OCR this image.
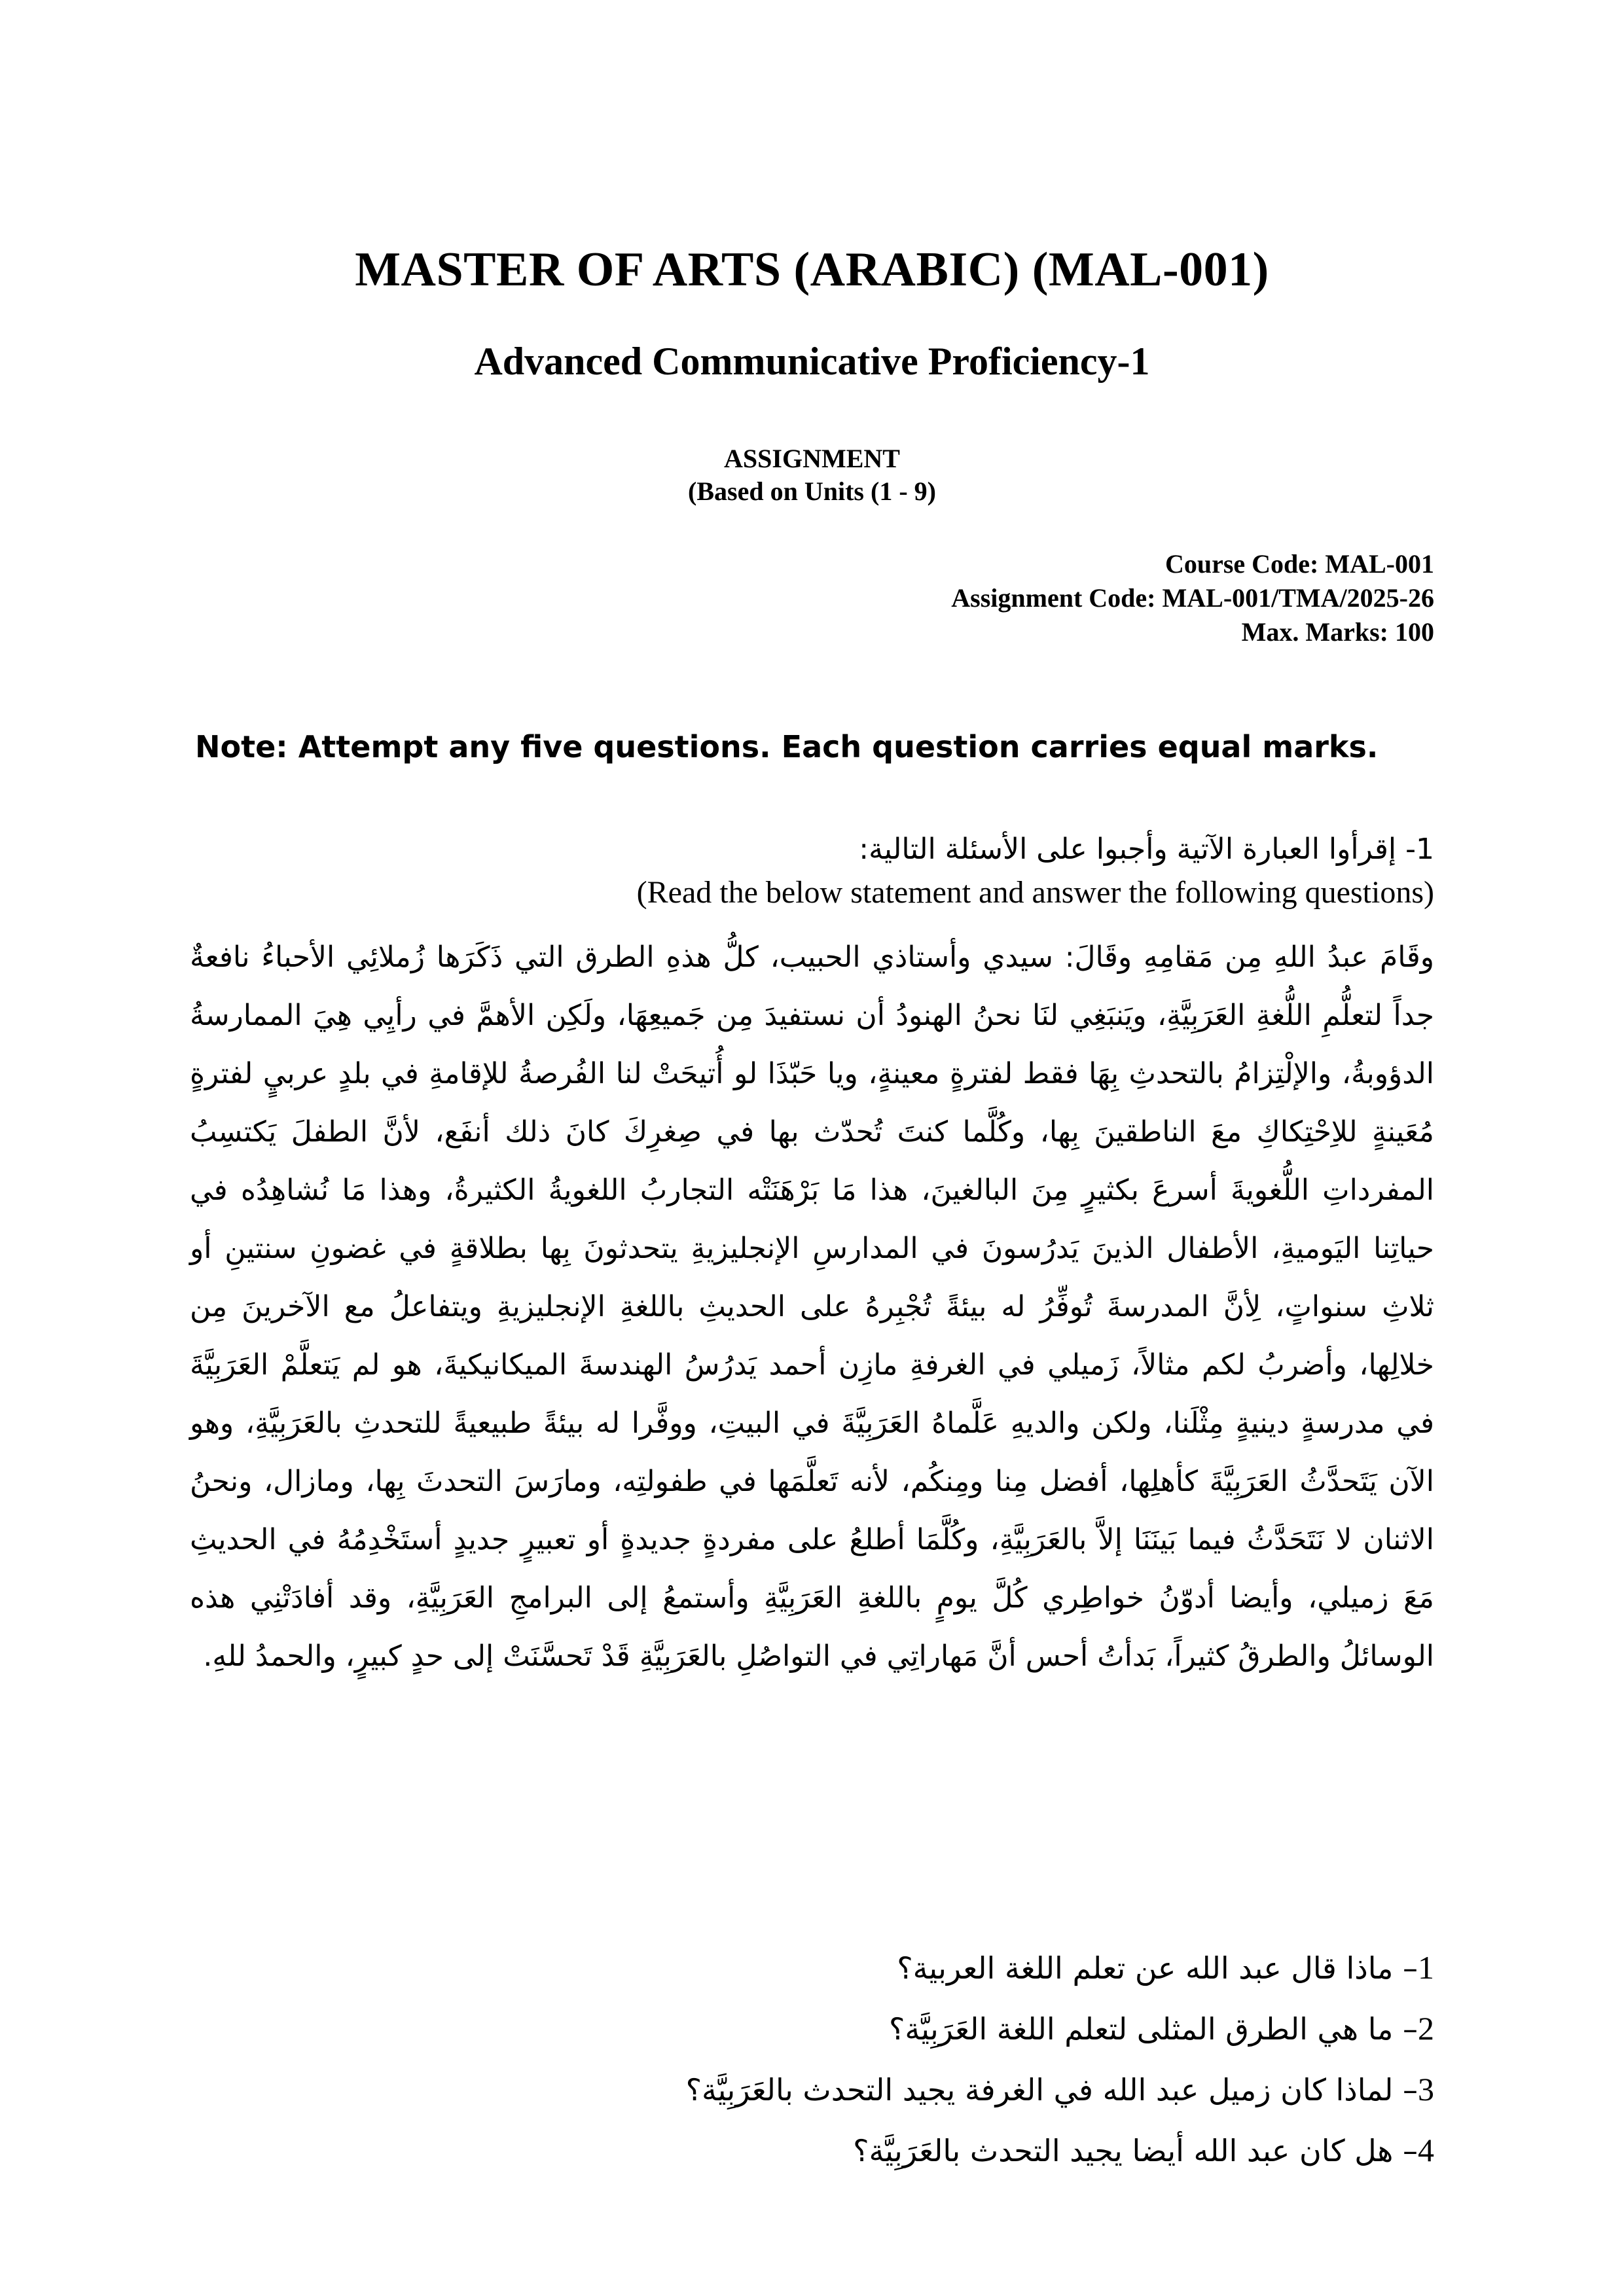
MASTER OF ARTS (ARABIC) (MAL-001)
Advanced Communicative Proficiency-1
ASSIGNMENT
(Based on Units (1 - 9)
Course Code: MAL-001
Assignment Code: MAL-001/TMA/2025-26
Max. Marks: 100
Note: Attempt any five questions. Each question carries equal marks.
1- إقرأوا العبارة الآتية وأجبوا على الأسئلة التالية:
(Read the below statement and answer the following questions)
وقَامَ عبدُ اللهِ مِن مَقامِهِ وقَالَ: سيدي وأستاذي الحبيب، كلُّ هذهِ الطرق التي ذَكَرَها زُملائِي الأحباءُ نافعةٌ جداً لتعلُّمِ اللُّغةِ العَرَبِيَّةِ، ويَنبَغِي لنَا نحنُ الهنودُ أن نستفيدَ مِن جَميعِهَا، ولَكِن الأهمَّ في رأيِي هِيَ الممارسةُ الدؤوبةُ، والإلْتِزامُ بالتحدثِ بِهَا فقط لفترةٍ معينةٍ، ويا حَبّذَا لو أُتيحَتْ لنا الفُرصةُ للإقامةِ في بلدٍ عربيٍ لفترةٍ مُعَينةٍ للاِحْتِكاكِ معَ الناطقينَ بِها، وكُلَّما كنتَ تُحدّث بها في صِغرِكَ كانَ ذلك أنفَع، لأنَّ الطفلَ يَكتسِبُ المفرداتِ اللُّغويةَ أسرعَ بكثيرٍ مِنَ البالغينَ، هذا مَا بَرْهَنَتْه التجاربُ اللغويةُ الكثيرةُ، وهذا مَا نُشاهِدُه في حياتِنا اليَوميةِ، الأطفال الذينَ يَدرُسونَ في المدارسِ الإنجليزيةِ يتحدثونَ بِها بطلاقةٍ في غضونِ سنتينِ أو ثلاثِ سنواتٍ، لِأنَّ المدرسةَ تُوفِّرُ له بيئةً تُجْبِرهُ على الحديثِ باللغةِ الإنجليزيةِ ويتفاعلُ مع الآخرينَ مِن خلالِها، وأضربُ لكم مثالاً، زَميلي في الغرفةِ مازِن أحمد يَدرُسُ الهندسةَ الميكانيكيةَ، هو لم يَتعلَّمْ العَرَبِيَّةَ في مدرسةٍ دينيةٍ مِثْلَنا، ولكن والديهِ عَلَّماهُ العَرَبِيَّةَ في البيتِ، ووفَّرا له بيئةً طبيعيةً للتحدثِ بالعَرَبِيَّةِ، وهو الآن يَتَحدَّثُ العَرَبِيَّةَ كأهلِها، أفضل مِنا ومِنكُم، لأنه تَعلَّمَها في طفولتِه، ومارَسَ التحدثَ بِها، ومازال، ونحنُ الاثنان لا نَتَحَدَّثُ فيما بَينَنَا إلاَّ بالعَرَبِيَّةِ، وكُلَّمَا أطلعُ على مفردةٍ جديدةٍ أو تعبيرٍ جديدٍ أستَخْدِمُهُ في الحديثِ مَعَ زميلي، وأيضا أدوّنُ خواطِري كُلَّ يومٍ باللغةِ العَرَبِيَّةِ وأستمعُ إلى البرامجِ العَرَبِيَّةِ، وقد أفادَتْنِي هذه الوسائلُ والطرقُ كثيراً، بَدأتُ أحس أنَّ مَهاراتِي في التواصُلِ بالعَرَبِيَّةِ قَدْ تَحسَّنَتْ إلى حدٍ كبيرٍ، والحمدُ للهِ.
1– ماذا قال عبد الله عن تعلم اللغة العربية؟
2– ما هي الطرق المثلى لتعلم اللغة العَرَبِيَّة؟
3– لماذا كان زميل عبد الله في الغرفة يجيد التحدث بالعَرَبِيَّة؟
4– هل كان عبد الله أيضا يجيد التحدث بالعَرَبِيَّة؟
